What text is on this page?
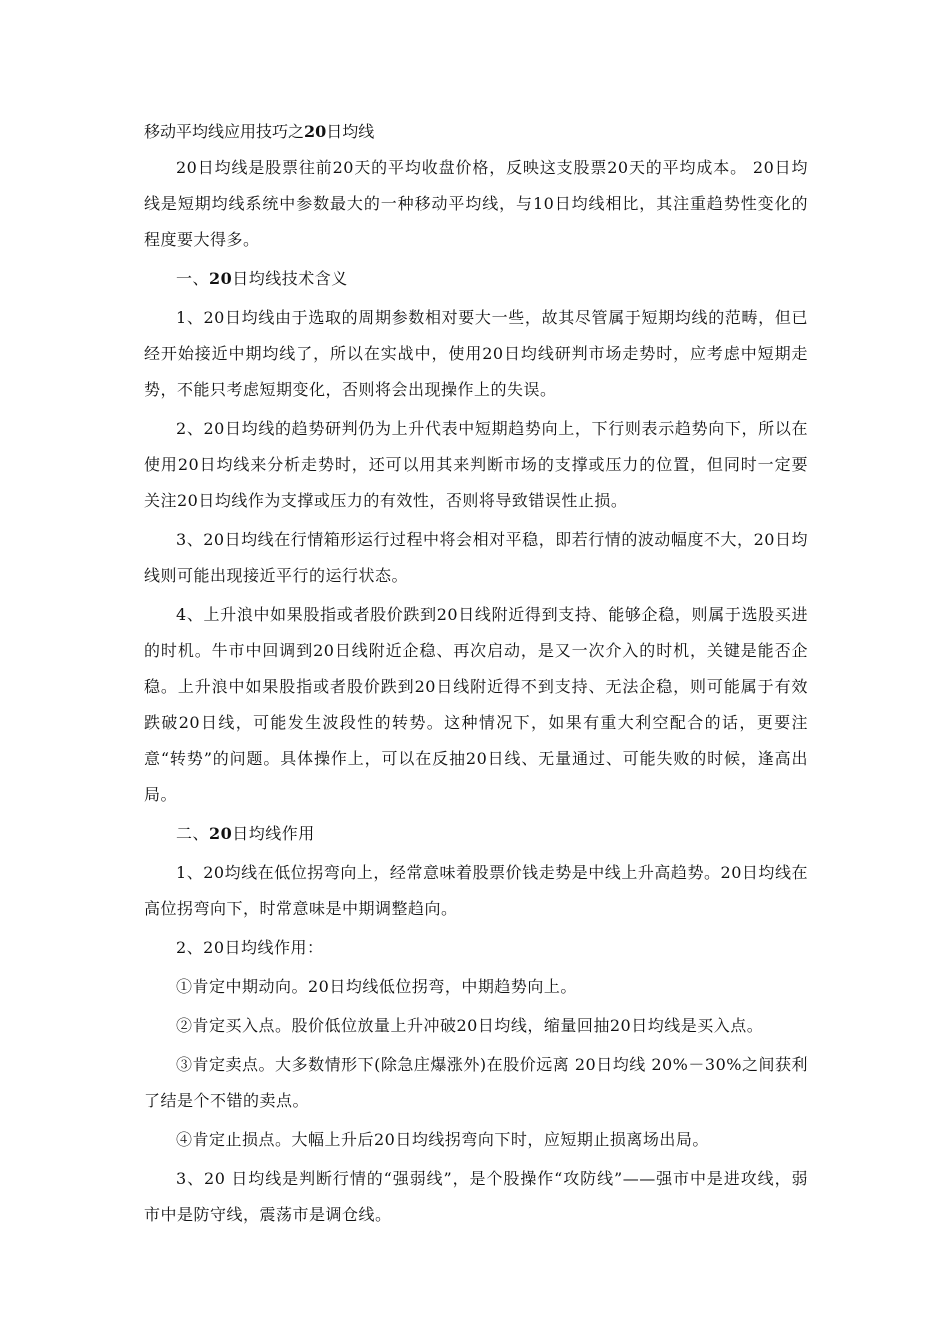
移动平均线应用技巧之20日均线

20日均线是股票往前20天的平均收盘价格，反映这支股票20天的平均成本。 20日均线是短期均线系统中参数最大的一种移动平均线，与10日均线相比，其注重趋势性变化的程度要大得多。

一、20日均线技术含义

1、20日均线由于选取的周期参数相对要大一些，故其尽管属于短期均线的范畴，但已经开始接近中期均线了，所以在实战中，使用20日均线研判市场走势时，应考虑中短期走势，不能只考虑短期变化，否则将会出现操作上的失误。

2、20日均线的趋势研判仍为上升代表中短期趋势向上，下行则表示趋势向下，所以在使用20日均线来分析走势时，还可以用其来判断市场的支撑或压力的位置，但同时一定要关注20日均线作为支撑或压力的有效性，否则将导致错误性止损。

3、20日均线在行情箱形运行过程中将会相对平稳，即若行情的波动幅度不大，20日均线则可能出现接近平行的运行状态。

4、上升浪中如果股指或者股价跌到20日线附近得到支持、能够企稳，则属于选股买进的时机。牛市中回调到20日线附近企稳、再次启动，是又一次介入的时机，关键是能否企稳。上升浪中如果股指或者股价跌到20日线附近得不到支持、无法企稳，则可能属于有效跌破20日线，可能发生波段性的转势。这种情况下，如果有重大利空配合的话，更要注意“转势”的问题。具体操作上，可以在反抽20日线、无量通过、可能失败的时候，逢高出局。

二、20日均线作用

1、20均线在低位拐弯向上，经常意味着股票价钱走势是中线上升高趋势。20日均线在高位拐弯向下，时常意味是中期调整趋向。

2、20日均线作用：

①肯定中期动向。20日均线低位拐弯，中期趋势向上。

②肯定买入点。股价低位放量上升冲破20日均线，缩量回抽20日均线是买入点。

③肯定卖点。大多数情形下(除急庄爆涨外)在股价远离 20日均线 20%－30%之间获利了结是个不错的卖点。

④肯定止损点。大幅上升后20日均线拐弯向下时，应短期止损离场出局。

3、20 日均线是判断行情的“强弱线”，是个股操作“攻防线”——强市中是进攻线，弱市中是防守线，震荡市是调仓线。
